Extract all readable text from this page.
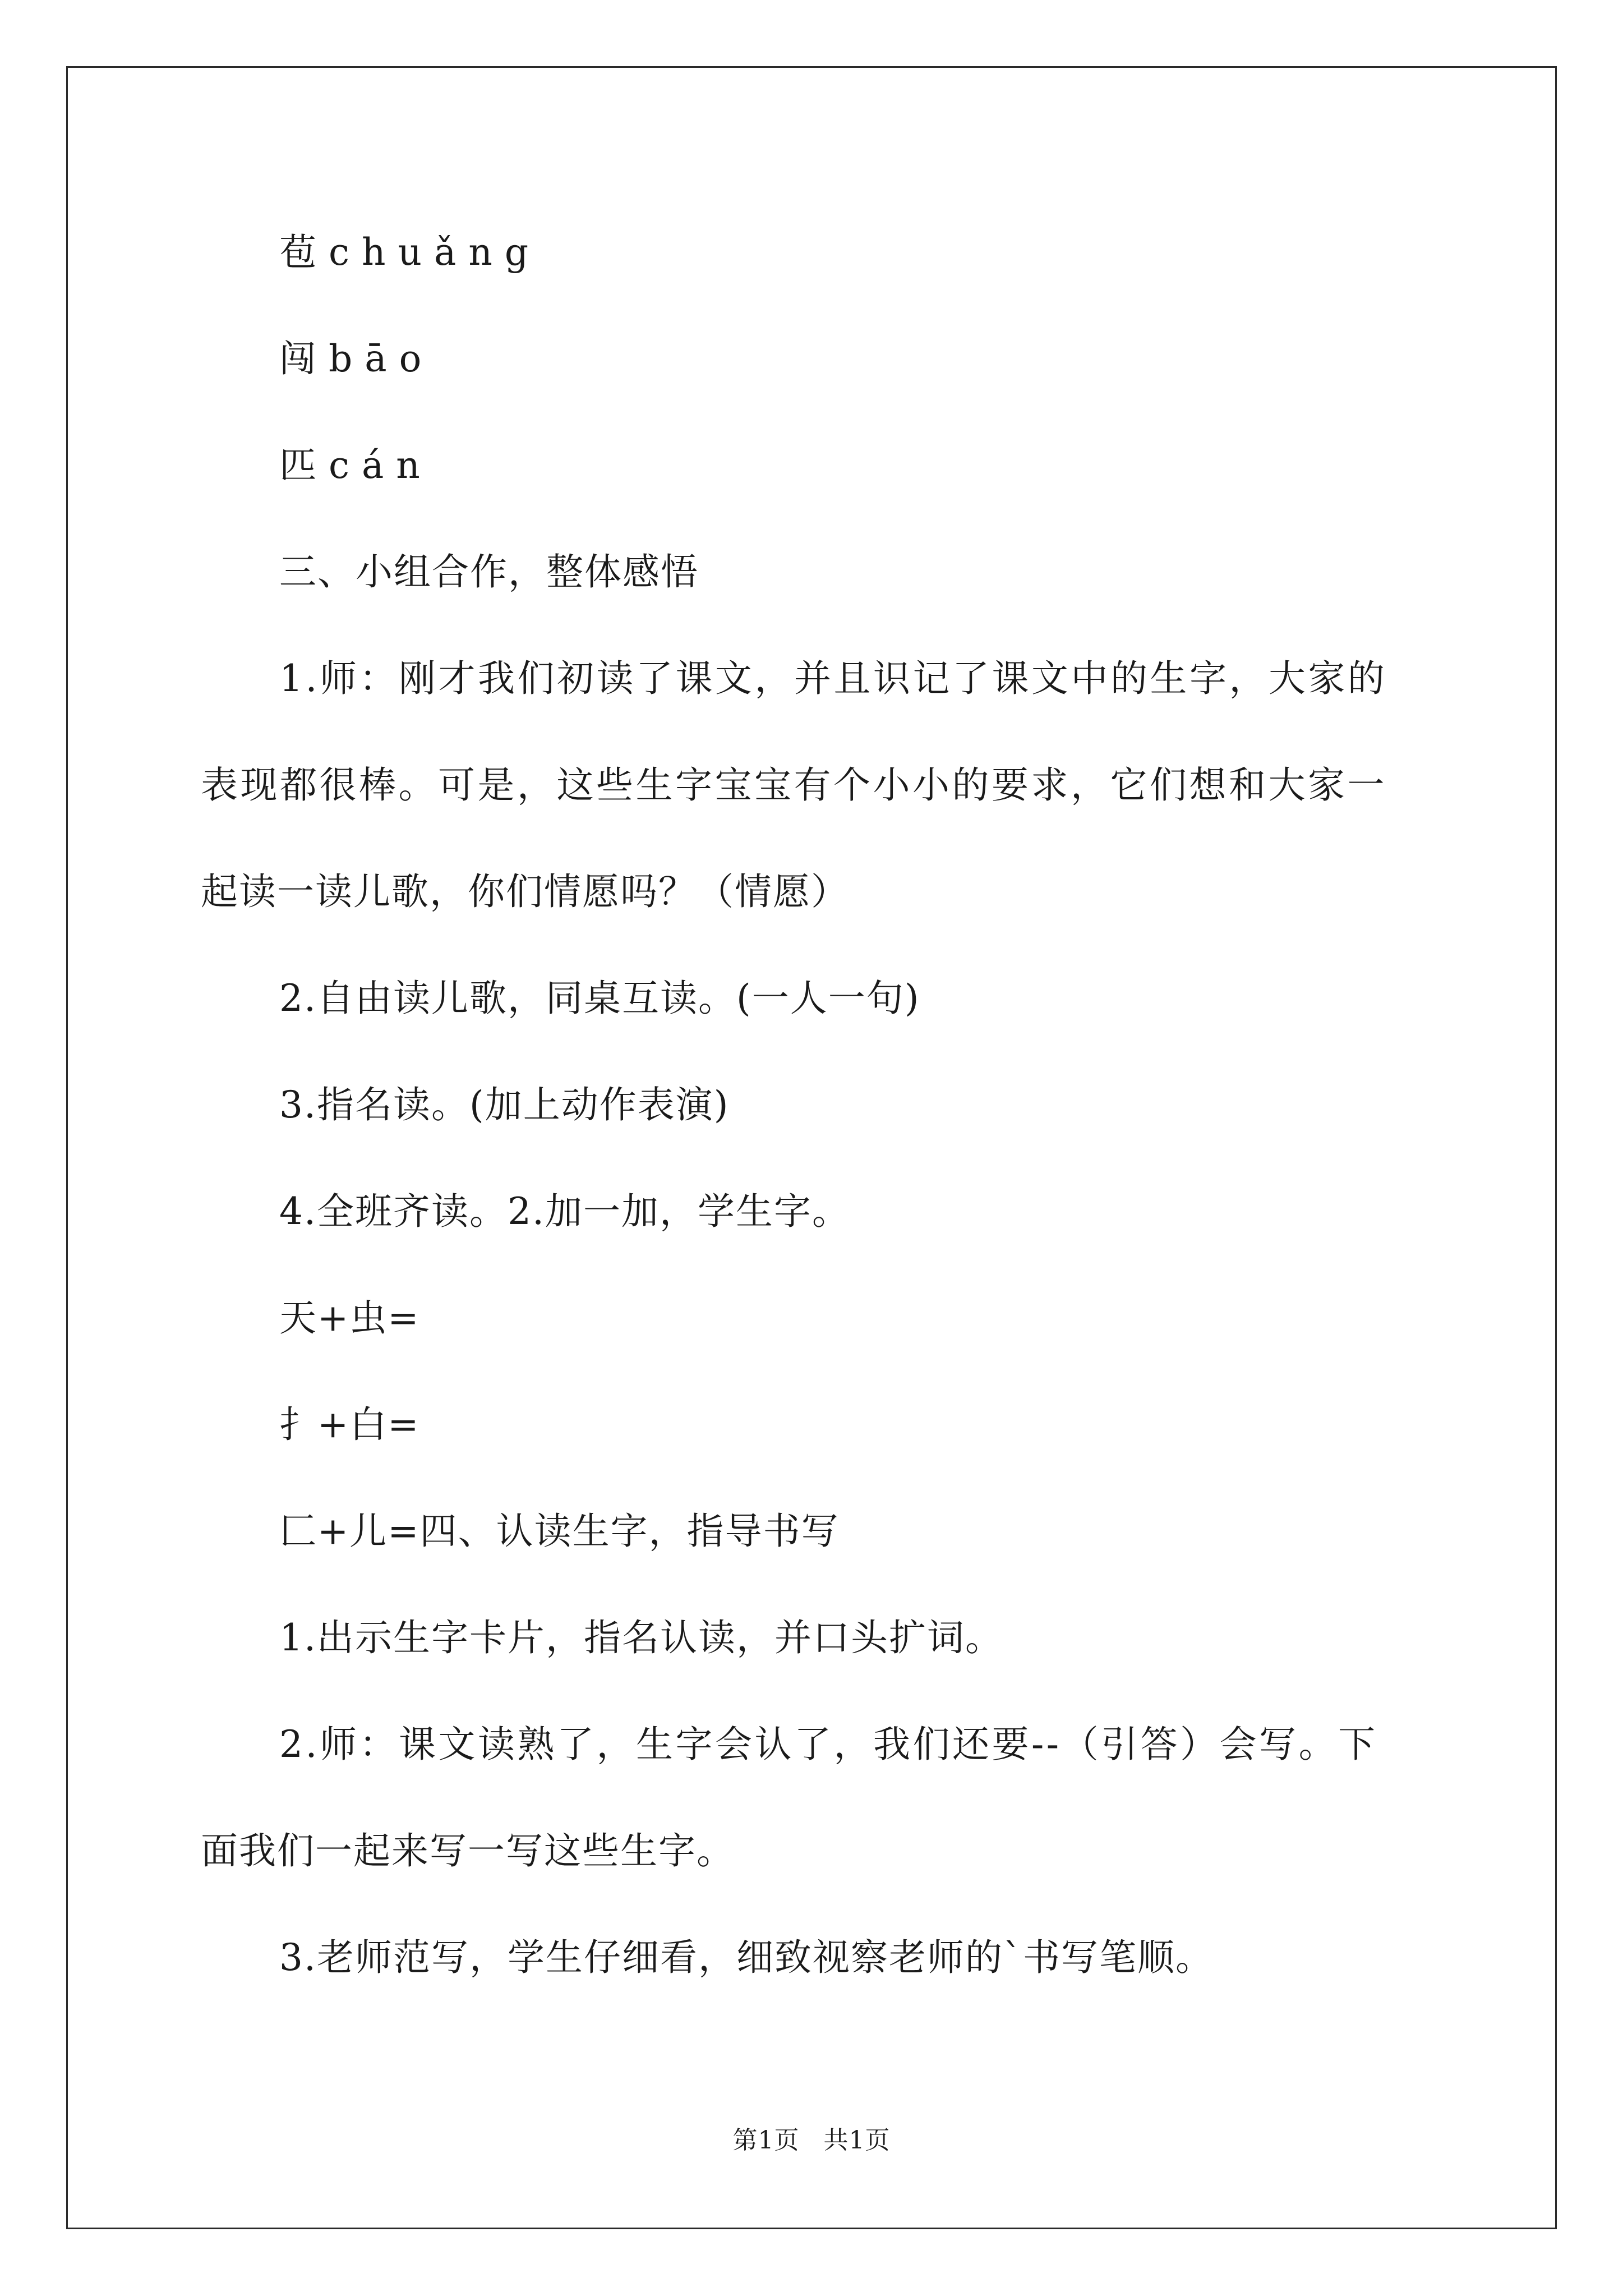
苞chuǎng
闯bāo
匹cán
三、小组合作，整体感悟
1.师：刚才我们初读了课文，并且识记了课文中的生字，大家的
表现都很棒。可是，这些生字宝宝有个小小的要求，它们想和大家一
起读一读儿歌，你们情愿吗？（情愿）
2.自由读儿歌，同桌互读。(一人一句)
3.指名读。(加上动作表演)
4.全班齐读。2.加一加，学生字。
天+虫=
扌+白=
匚+儿=四、认读生字，指导书写
1.出示生字卡片，指名认读，并口头扩词。
2.师：课文读熟了，生字会认了，我们还要--（引答）会写。下
面我们一起来写一写这些生字。
3.老师范写，学生仔细看，细致视察老师的`书写笔顺。
第1页 共1页
